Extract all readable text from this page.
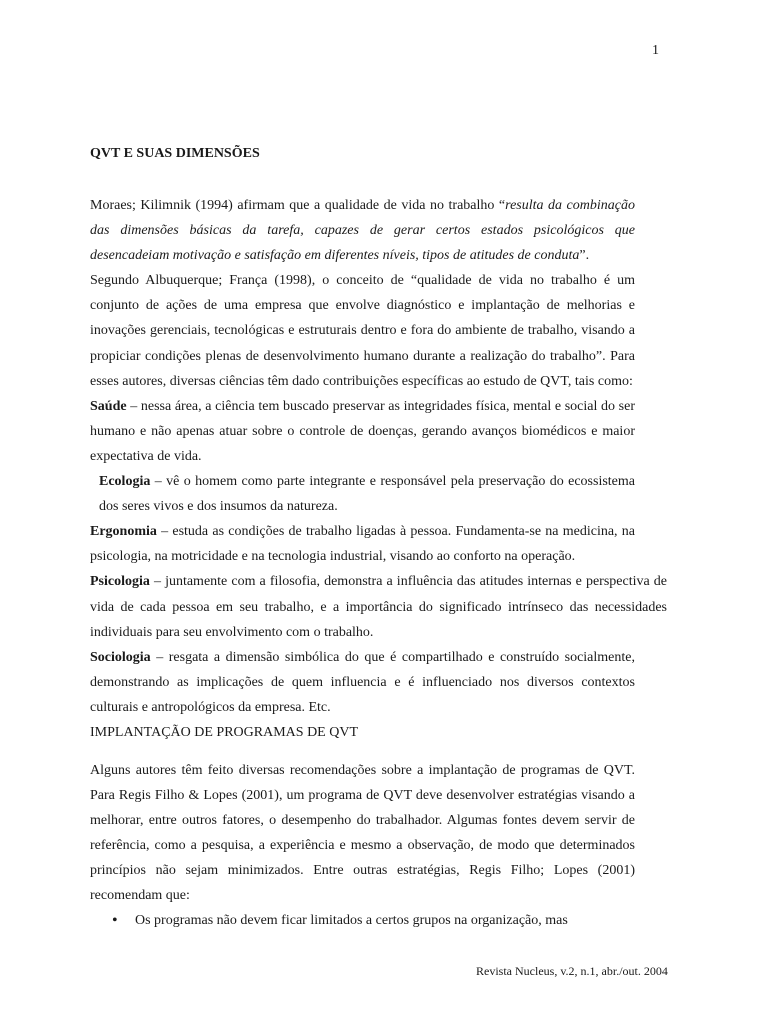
1
QVT E SUAS DIMENSÕES

Moraes; Kilimnik (1994) afirmam que a qualidade de vida no trabalho “resulta da combinação das dimensões básicas da tarefa, capazes de gerar certos estados psicológicos que desencadeiam motivação e satisfação em diferentes níveis, tipos de atitudes de conduta”.

Segundo Albuquerque; França (1998), o conceito de “qualidade de vida no trabalho é um conjunto de ações de uma empresa que envolve diagnóstico e implantação de melhorias e inovações gerenciais, tecnológicas e estruturais dentro e fora do ambiente de trabalho, visando a propiciar condições plenas de desenvolvimento humano durante a realização do trabalho”. Para esses autores, diversas ciências têm dado contribuições específicas ao estudo de QVT, tais como:

Saúde – nessa área, a ciência tem buscado preservar as integridades física, mental e social do ser humano e não apenas atuar sobre o controle de doenças, gerando avanços biomédicos e maior expectativa de vida.

Ecologia – vê o homem como parte integrante e responsável pela preservação do ecossistema dos seres vivos e dos insumos da natureza.

Ergonomia – estuda as condições de trabalho ligadas à pessoa. Fundamenta-se na medicina, na psicologia, na motricidade e na tecnologia industrial, visando ao conforto na operação.

Psicologia – juntamente com a filosofia, demonstra a influência das atitudes internas e perspectiva de vida de cada pessoa em seu trabalho, e a importância do significado intrínseco das necessidades individuais para seu envolvimento com o trabalho.

Sociologia – resgata a dimensão simbólica do que é compartilhado e construído socialmente, demonstrando as implicações de quem influencia e é influenciado nos diversos contextos culturais e antropológicos da empresa. Etc.

IMPLANTAÇÃO DE PROGRAMAS DE QVT

Alguns autores têm feito diversas recomendações sobre a implantação de programas de QVT. Para Regis Filho & Lopes (2001), um programa de QVT deve desenvolver estratégias visando a melhorar, entre outros fatores, o desempenho do trabalhador. Algumas fontes devem servir de referência, como a pesquisa, a experiência e mesmo a observação, de modo que determinados princípios não sejam minimizados. Entre outras estratégias, Regis Filho; Lopes (2001) recomendam que:

• Os programas não devem ficar limitados a certos grupos na organização, mas
Revista Nucleus, v.2, n.1, abr./out. 2004
